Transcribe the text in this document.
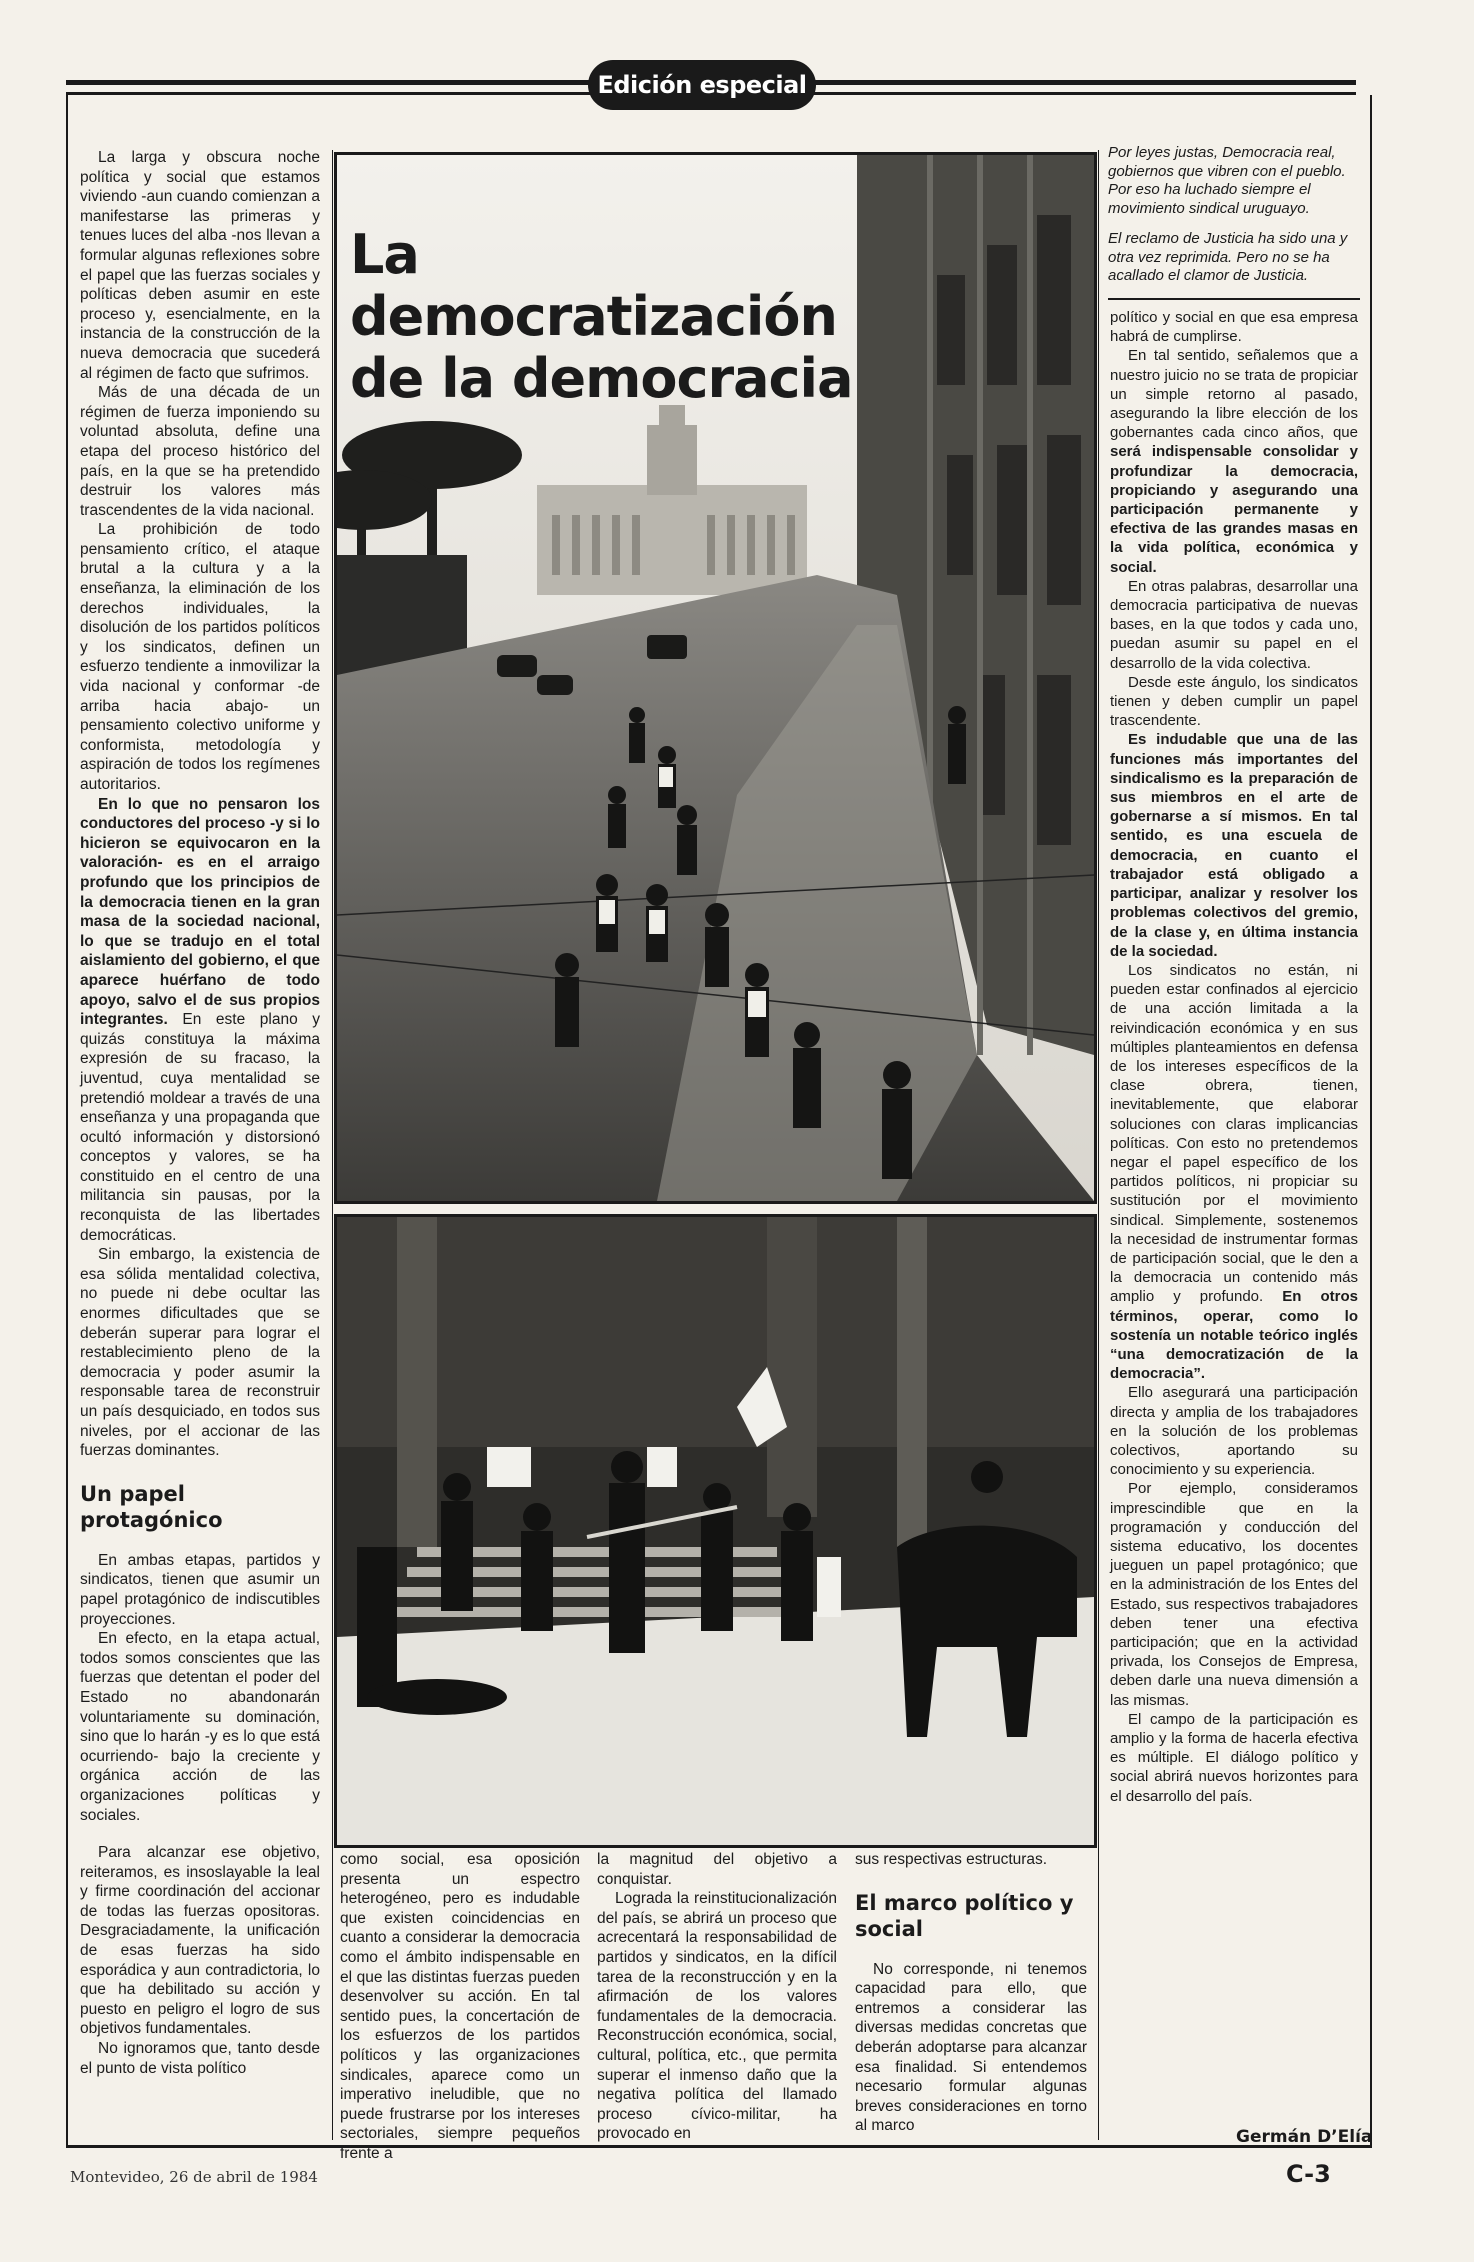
Edición especial
La democratización
de la democracia

La larga y obscura noche política y social que estamos viviendo -aun cuando comienzan a manifestarse las primeras y tenues luces del alba -nos llevan a formular algunas reflexiones sobre el papel que las fuerzas sociales y políticas deben asumir en este proceso y, esencialmente, en la instancia de la construcción de la nueva democracia que sucederá al régimen de facto que sufrimos.

Más de una década de un régimen de fuerza imponiendo su voluntad absoluta, define una etapa del proceso histórico del país, en la que se ha pretendido destruir los valores más trascendentes de la vida nacional.

La prohibición de todo pensamiento crítico, el ataque brutal a la cultura y a la enseñanza, la eliminación de los derechos individuales, la disolución de los partidos políticos y los sindicatos, definen un esfuerzo tendiente a inmovilizar la vida nacional y conformar -de arriba hacia abajo- un pensamiento colectivo uniforme y conformista, metodología y aspiración de todos los regímenes autoritarios.

En lo que no pensaron los conductores del proceso -y si lo hicieron se equivocaron en la valoración- es en el arraigo profundo que los principios de la democracia tienen en la gran masa de la sociedad nacional, lo que se tradujo en el total aislamiento del gobierno, el que aparece huérfano de todo apoyo, salvo el de sus propios integrantes. En este plano y quizás constituya la máxima expresión de su fracaso, la juventud, cuya mentalidad se pretendió moldear a través de una enseñanza y una propaganda que ocultó información y distorsionó conceptos y valores, se ha constituido en el centro de una militancia sin pausas, por la reconquista de las libertades democráticas.

Sin embargo, la existencia de esa sólida mentalidad colectiva, no puede ni debe ocultar las enormes dificultades que se deberán superar para lograr el restablecimiento pleno de la democracia y poder asumir la responsable tarea de reconstruir un país desquiciado, en todos sus niveles, por el accionar de las fuerzas dominantes.

Un papel protagónico

En ambas etapas, partidos y sindicatos, tienen que asumir un papel protagónico de indiscutibles proyecciones.

En efecto, en la etapa actual, todos somos conscientes que las fuerzas que detentan el poder del Estado no abandonarán voluntariamente su dominación, sino que lo harán -y es lo que está ocurriendo- bajo la creciente y orgánica acción de las organizaciones políticas y sociales.

Para alcanzar ese objetivo, reiteramos, es insoslayable la leal y firme coordinación del accionar de todas las fuerzas opositoras. Desgraciadamente, la unificación de esas fuerzas ha sido esporádica y aun contradictoria, lo que ha debilitado su acción y puesto en peligro el logro de sus objetivos fundamentales.

No ignoramos que, tanto desde el punto de vista político

como social, esa oposición presenta un espectro heterogéneo, pero es indudable que existen coincidencias en cuanto a considerar la democracia como el ámbito indispensable en el que las distintas fuerzas pueden desenvolver su acción. En tal sentido pues, la concertación de los esfuerzos de los partidos políticos y las organizaciones sindicales, aparece como un imperativo ineludible, que no puede frustrarse por los intereses sectoriales, siempre pequeños frente a

la magnitud del objetivo a conquistar.

Lograda la reinstitucionalización del país, se abrirá un proceso que acrecentará la responsabilidad de partidos y sindicatos, en la difícil tarea de la reconstrucción y en la afirmación de los valores fundamentales de la democracia. Reconstrucción económica, social, cultural, política, etc., que permita superar el inmenso daño que la negativa política del llamado proceso cívico-militar, ha provocado en

sus respectivas estructuras.

El marco político y social

No corresponde, ni tenemos capacidad para ello, que entremos a considerar las diversas medidas concretas que deberán adoptarse para alcanzar esa finalidad. Si entendemos necesario formular algunas breves consideraciones en torno al marco

Por leyes justas, Democracia real, gobiernos que vibren con el pueblo. Por eso ha luchado siempre el movimiento sindical uruguayo.

El reclamo de Justicia ha sido una y otra vez reprimida. Pero no se ha acallado el clamor de Justicia.

político y social en que esa empresa habrá de cumplirse.

En tal sentido, señalemos que a nuestro juicio no se trata de propiciar un simple retorno al pasado, asegurando la libre elección de los gobernantes cada cinco años, que será indispensable consolidar y profundizar la democracia, propiciando y asegurando una participación permanente y efectiva de las grandes masas en la vida política, económica y social.

En otras palabras, desarrollar una democracia participativa de nuevas bases, en la que todos y cada uno, puedan asumir su papel en el desarrollo de la vida colectiva.

Desde este ángulo, los sindicatos tienen y deben cumplir un papel trascendente.

Es indudable que una de las funciones más importantes del sindicalismo es la preparación de sus miembros en el arte de gobernarse a sí mismos. En tal sentido, es una escuela de democracia, en cuanto el trabajador está obligado a participar, analizar y resolver los problemas colectivos del gremio, de la clase y, en última instancia de la sociedad.

Los sindicatos no están, ni pueden estar confinados al ejercicio de una acción limitada a la reivindicación económica y en sus múltiples planteamientos en defensa de los intereses específicos de la clase obrera, tienen, inevitablemente, que elaborar soluciones con claras implicancias políticas. Con esto no pretendemos negar el papel específico de los partidos políticos, ni propiciar su sustitución por el movimiento sindical. Simplemente, sostenemos la necesidad de instrumentar formas de participación social, que le den a la democracia un contenido más amplio y profundo. En otros términos, operar, como lo sostenía un notable teórico inglés “una democratización de la democracia”.

Ello asegurará una participación directa y amplia de los trabajadores en la solución de los problemas colectivos, aportando su conocimiento y su experiencia.

Por ejemplo, consideramos imprescindible que en la programación y conducción del sistema educativo, los docentes jueguen un papel protagónico; que en la administración de los Entes del Estado, sus respectivos trabajadores deben tener una efectiva participación; que en la actividad privada, los Consejos de Empresa, deben darle una nueva dimensión a las mismas.

El campo de la participación es amplio y la forma de hacerla efectiva es múltiple. El diálogo político y social abrirá nuevos horizontes para el desarrollo del país.

Germán D’Elía
Montevideo, 26 de abril de 1984	C-3
